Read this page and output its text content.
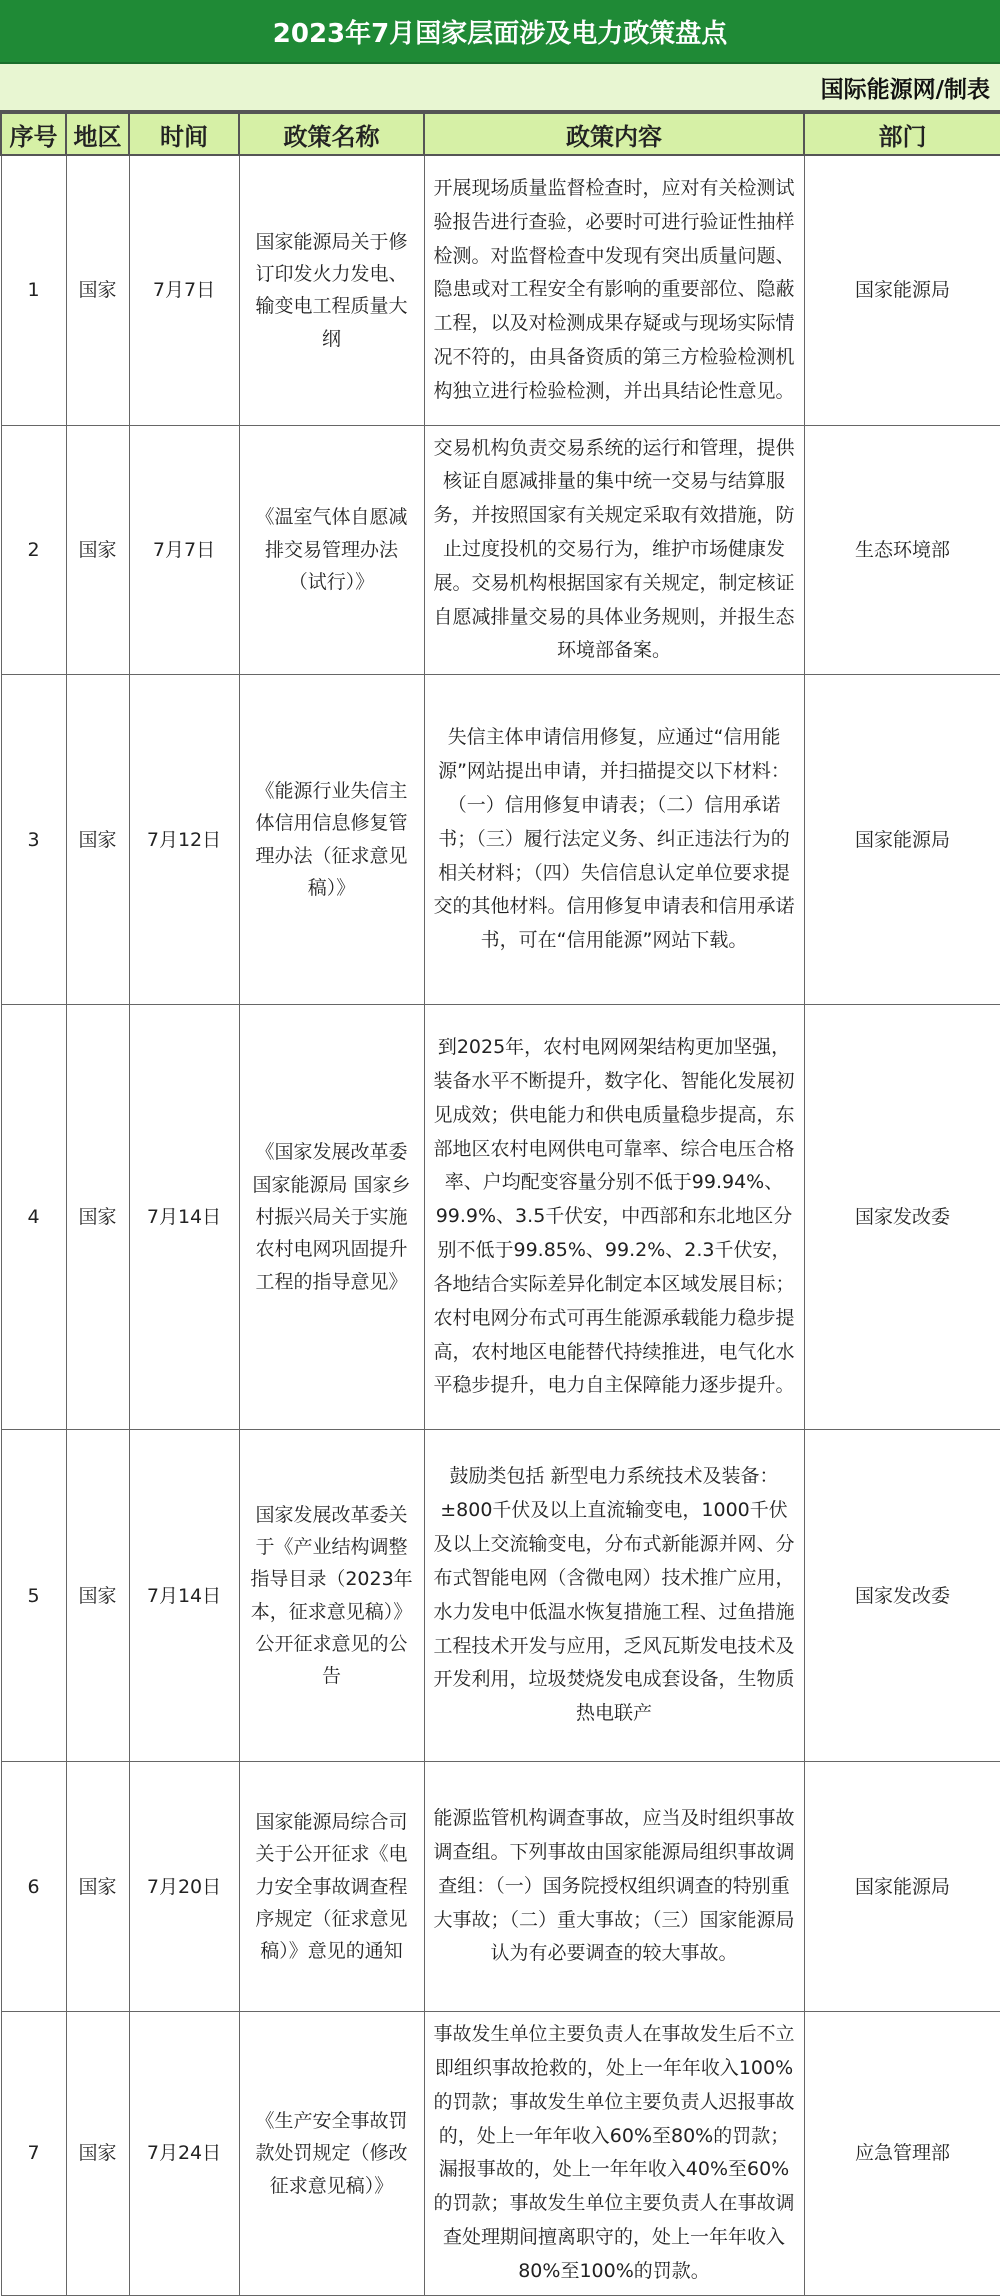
2023年7月国家层面涉及电力政策盘点
国际能源网/制表
序号	地区	时间	政策名称	政策内容	部门
1	国家	7月7日	国家能源局关于修订印发火力发电、输变电工程质量大纲	开展现场质量监督检查时，应对有关检测试验报告进行查验，必要时可进行验证性抽样检测。对监督检查中发现有突出质量问题、隐患或对工程安全有影响的重要部位、隐蔽工程，以及对检测成果存疑或与现场实际情况不符的，由具备资质的第三方检验检测机构独立进行检验检测，并出具结论性意见。	国家能源局
2	国家	7月7日	《温室气体自愿减排交易管理办法（试行）》	交易机构负责交易系统的运行和管理，提供核证自愿减排量的集中统一交易与结算服务，并按照国家有关规定采取有效措施，防止过度投机的交易行为，维护市场健康发展。交易机构根据国家有关规定，制定核证自愿减排量交易的具体业务规则，并报生态环境部备案。	生态环境部
3	国家	7月12日	《能源行业失信主体信用信息修复管理办法（征求意见稿）》	失信主体申请信用修复，应通过“信用能源”网站提出申请，并扫描提交以下材料：（一）信用修复申请表；（二）信用承诺书；（三）履行法定义务、纠正违法行为的相关材料；（四）失信信息认定单位要求提交的其他材料。信用修复申请表和信用承诺书，可在“信用能源”网站下载。	国家能源局
4	国家	7月14日	《国家发展改革委 国家能源局 国家乡村振兴局关于实施农村电网巩固提升工程的指导意见》	到2025年，农村电网网架结构更加坚强，装备水平不断提升，数字化、智能化发展初见成效；供电能力和供电质量稳步提高，东部地区农村电网供电可靠率、综合电压合格率、户均配变容量分别不低于99.94%、99.9%、3.5千伏安，中西部和东北地区分别不低于99.85%、99.2%、2.3千伏安，各地结合实际差异化制定本区域发展目标；农村电网分布式可再生能源承载能力稳步提高，农村地区电能替代持续推进，电气化水平稳步提升，电力自主保障能力逐步提升。	国家发改委
5	国家	7月14日	国家发展改革委关于《产业结构调整指导目录（2023年本，征求意见稿）》公开征求意见的公告	鼓励类包括 新型电力系统技术及装备：±800千伏及以上直流输变电，1000千伏及以上交流输变电，分布式新能源并网、分布式智能电网（含微电网）技术推广应用，水力发电中低温水恢复措施工程、过鱼措施工程技术开发与应用，乏风瓦斯发电技术及开发利用，垃圾焚烧发电成套设备，生物质热电联产	国家发改委
6	国家	7月20日	国家能源局综合司关于公开征求《电力安全事故调查程序规定（征求意见稿）》意见的通知	能源监管机构调查事故，应当及时组织事故调查组。下列事故由国家能源局组织事故调查组：（一）国务院授权组织调查的特别重大事故；（二）重大事故；（三）国家能源局认为有必要调查的较大事故。	国家能源局
7	国家	7月24日	《生产安全事故罚款处罚规定（修改征求意见稿）》	事故发生单位主要负责人在事故发生后不立即组织事故抢救的，处上一年年收入100%的罚款；事故发生单位主要负责人迟报事故的，处上一年年收入60%至80%的罚款；漏报事故的，处上一年年收入40%至60%的罚款；事故发生单位主要负责人在事故调查处理期间擅离职守的，处上一年年收入80%至100%的罚款。	应急管理部
